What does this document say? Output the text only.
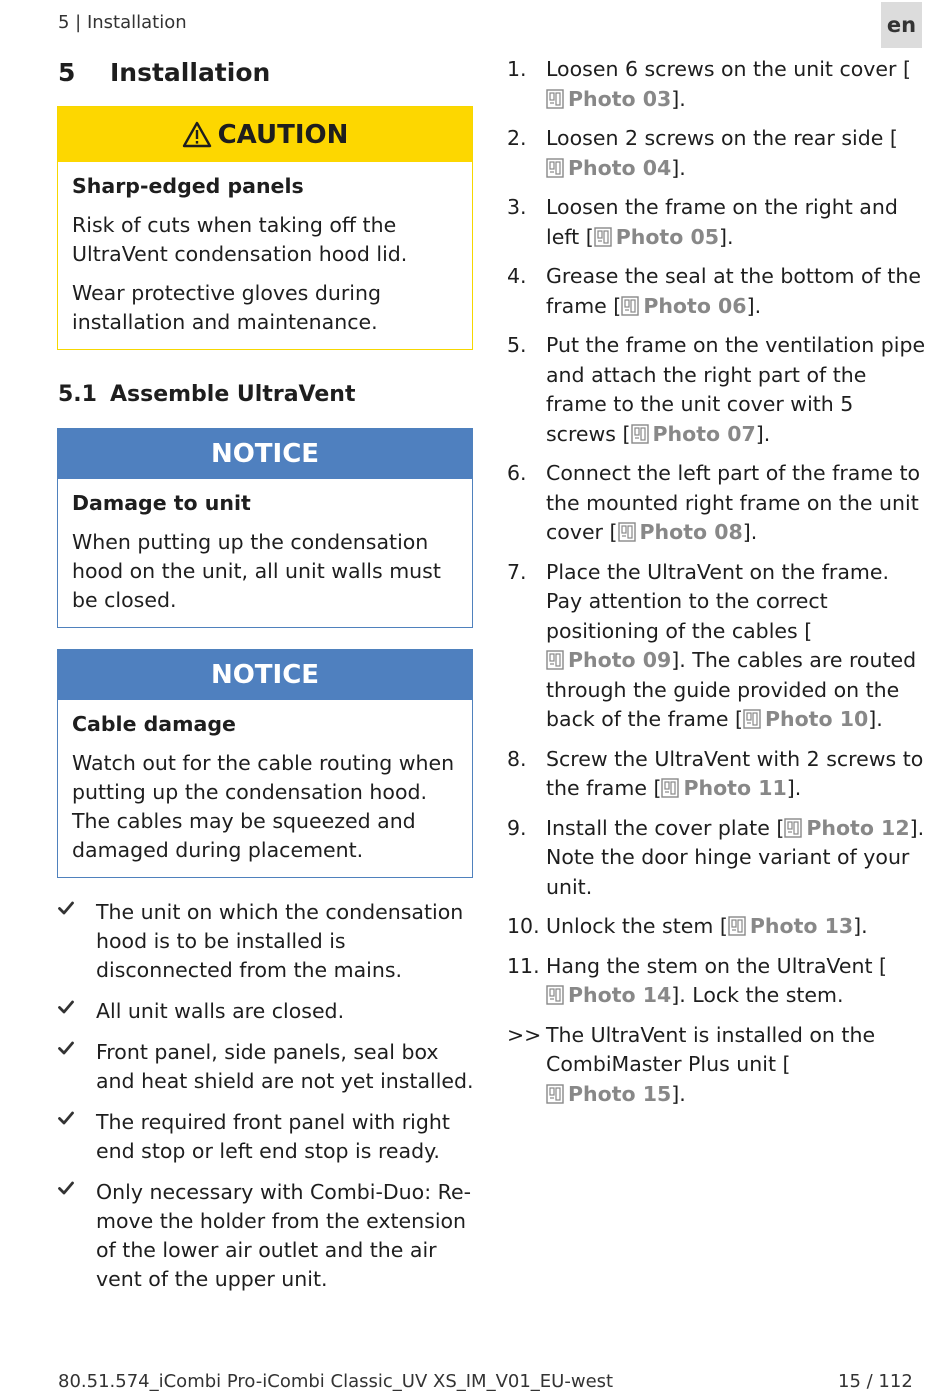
5 | Installation	en
5 Installation
CAUTION
Sharp-edged panels

Risk of cuts when taking off the UltraVent condensation hood lid.

Wear protective gloves during installation and maintenance.

5.1 Assemble UltraVent
NOTICE
Damage to unit

When putting up the condensation hood on the unit, all unit walls must be closed.

NOTICE
Cable damage

Watch out for the cable routing when putting up the condensation hood. The cables may be squeezed and damaged during placement.

The unit on which the condensation hood is to be installed is disconnected from the mains.
All unit walls are closed.
Front panel, side panels, seal box and heat shield are not yet installed.
The required front panel with right end stop or left end stop is ready.
Only necessary with Combi-Duo: Re-move the holder from the extension of the lower air outlet and the air vent of the upper unit.
1. Loosen 6 screws on the unit cover [Photo 03].
2. Loosen 2 screws on the rear side [Photo 04].
3. Loosen the frame on the right and left [ Photo 05].
4. Grease the seal at the bottom of the frame [ Photo 06].
5. Put the frame on the ventilation pipe and attach the right part of the frame to the unit cover with 5 screws [ Photo 07].
6. Connect the left part of the frame to the mounted right frame on the unit cover [ Photo 08].
7. Place the UltraVent on the frame. Pay attention to the correct positioning of the cables [Photo 09]. The cables are routed through the guide provided on the back of the frame [ Photo 10].
8. Screw the UltraVent with 2 screws to the frame [ Photo 11].
9. Install the cover plate [ Photo 12]. Note the door hinge variant of your unit.
10. Unlock the stem [ Photo 13].
11. Hang the stem on the UltraVent [Photo 14]. Lock the stem.
>> The UltraVent is installed on the CombiMaster Plus unit [Photo 15].
80.51.574_iCombi Pro-iCombi Classic_UV XS_IM_V01_EU-west	15 / 112
